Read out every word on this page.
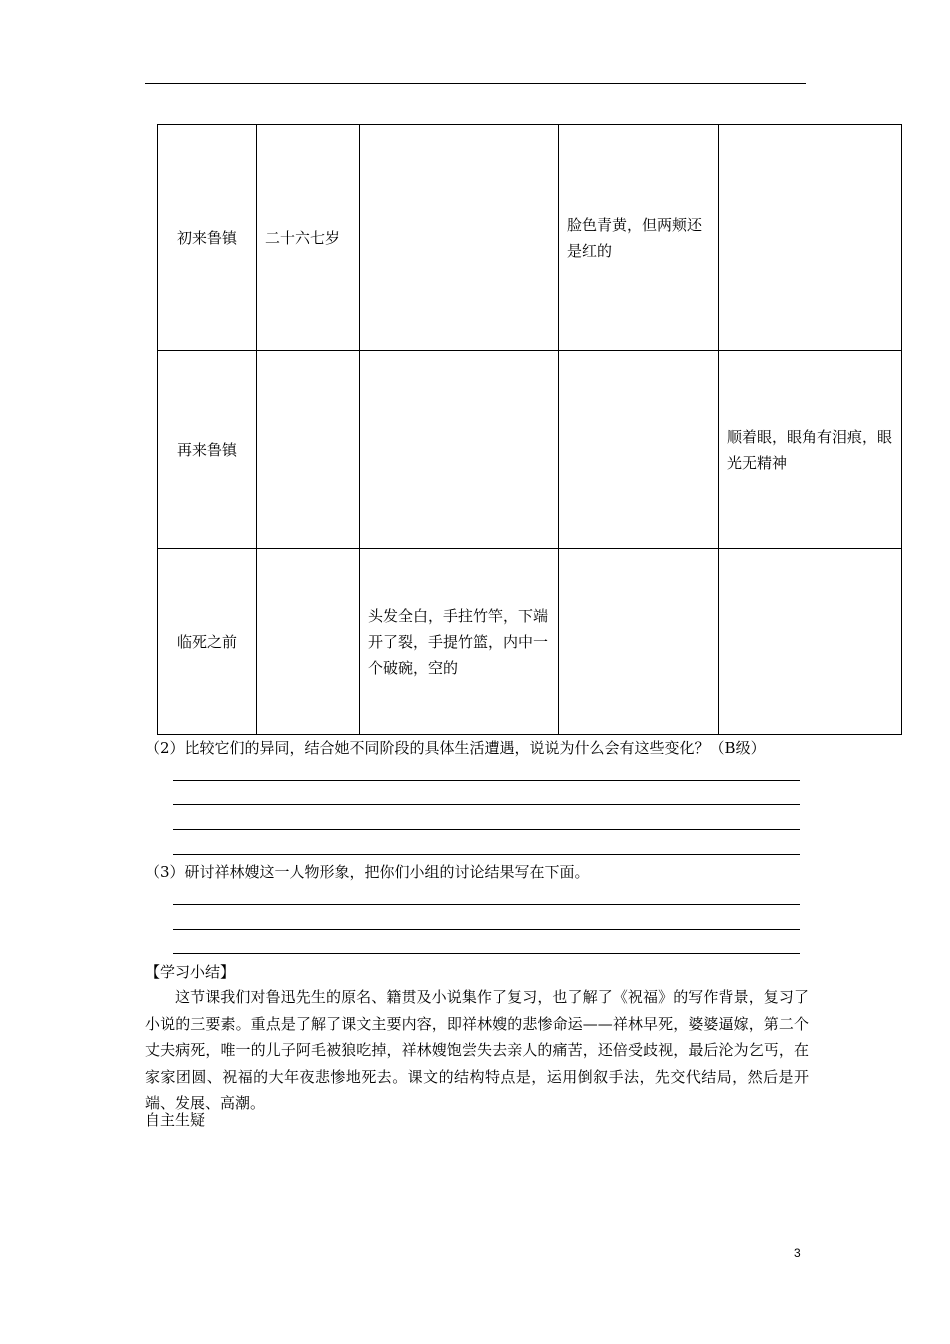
初来鲁镇	二十六七岁		脸色青黄，但两颊还是红的	
再来鲁镇				顺着眼，眼角有泪痕，眼光无精神
临死之前		头发全白，手拄竹竿，下端开了裂，手提竹篮，内中一个破碗，空的		
（2）比较它们的异同，结合她不同阶段的具体生活遭遇，说说为什么会有这些变化？（B级）
（3）研讨祥林嫂这一人物形象，把你们小组的讨论结果写在下面。
【学习小结】
这节课我们对鲁迅先生的原名、籍贯及小说集作了复习，也了解了《祝福》的写作背景，复习了小说的三要素。重点是了解了课文主要内容，即祥林嫂的悲惨命运——祥林早死，婆婆逼嫁，第二个丈夫病死，唯一的儿子阿毛被狼吃掉，祥林嫂饱尝失去亲人的痛苦，还倍受歧视，最后沦为乞丐，在家家团圆、祝福的大年夜悲惨地死去。课文的结构特点是，运用倒叙手法，先交代结局，然后是开端、发展、高潮。
自主生疑
3
